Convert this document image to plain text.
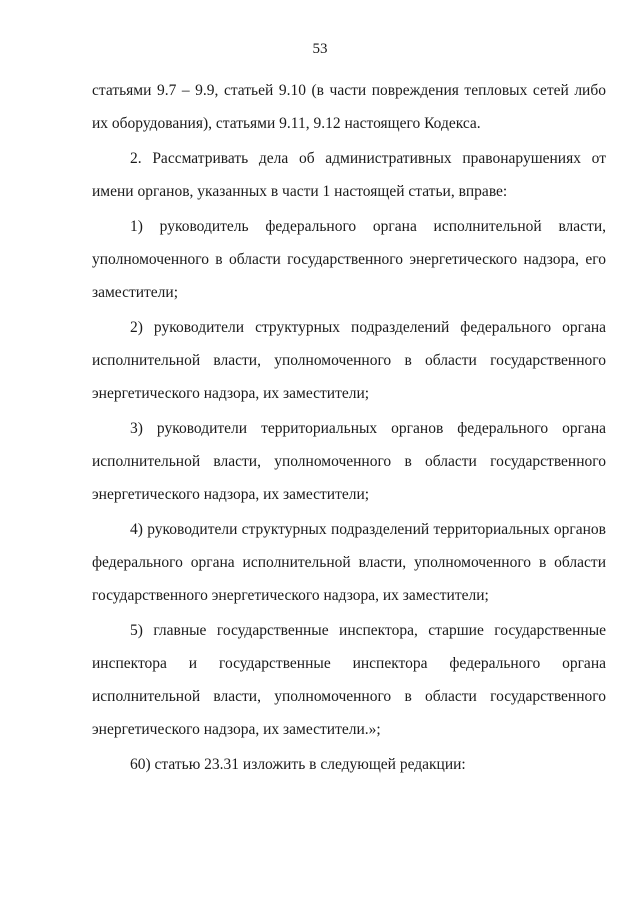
53

статьями 9.7 – 9.9, статьей 9.10 (в части повреждения тепловых сетей либо их оборудования), статьями 9.11, 9.12 настоящего Кодекса.

2. Рассматривать дела об административных правонарушениях от имени органов, указанных в части 1 настоящей статьи, вправе:

1) руководитель федерального органа исполнительной власти, уполномоченного в области государственного энергетического надзора, его заместители;

2) руководители структурных подразделений федерального органа исполнительной власти, уполномоченного в области государственного энергетического надзора, их заместители;

3) руководители территориальных органов федерального органа исполнительной власти, уполномоченного в области государственного энергетического надзора, их заместители;

4) руководители структурных подразделений территориальных органов федерального органа исполнительной власти, уполномоченного в области государственного энергетического надзора, их заместители;

5) главные государственные инспектора, старшие государственные инспектора и государственные инспектора федерального органа исполнительной власти, уполномоченного в области государственного энергетического надзора, их заместители.»;

60) статью 23.31 изложить в следующей редакции:
